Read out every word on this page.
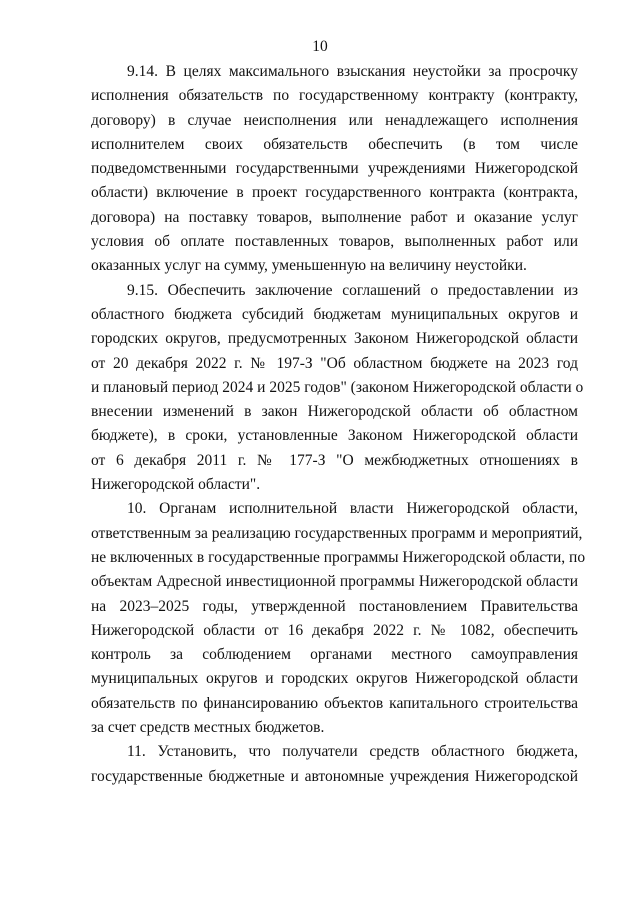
10
9.14. В целях максимального взыскания неустойки за просрочку
исполнения обязательств по государственному контракту (контракту,
договору) в случае неисполнения или ненадлежащего исполнения
исполнителем своих обязательств обеспечить (в том числе
подведомственными государственными учреждениями Нижегородской
области) включение в проект государственного контракта (контракта,
договора) на поставку товаров, выполнение работ и оказание услуг
условия об оплате поставленных товаров, выполненных работ или
оказанных услуг на сумму, уменьшенную на величину неустойки.
9.15. Обеспечить заключение соглашений о предоставлении из
областного бюджета субсидий бюджетам муниципальных округов и
городских округов, предусмотренных Законом Нижегородской области
от 20 декабря 2022 г. № 197-З "Об областном бюджете на 2023 год
и плановый период 2024 и 2025 годов" (законом Нижегородской области о
внесении изменений в закон Нижегородской области об областном
бюджете), в сроки, установленные Законом Нижегородской области
от 6 декабря 2011 г. № 177-З "О межбюджетных отношениях в
Нижегородской области".
10. Органам исполнительной власти Нижегородской области,
ответственным за реализацию государственных программ и мероприятий,
не включенных в государственные программы Нижегородской области, по
объектам Адресной инвестиционной программы Нижегородской области
на 2023–2025 годы, утвержденной постановлением Правительства
Нижегородской области от 16 декабря 2022 г. № 1082, обеспечить
контроль за соблюдением органами местного самоуправления
муниципальных округов и городских округов Нижегородской области
обязательств по финансированию объектов капитального строительства
за счет средств местных бюджетов.
11. Установить, что получатели средств областного бюджета,
государственные бюджетные и автономные учреждения Нижегородской
